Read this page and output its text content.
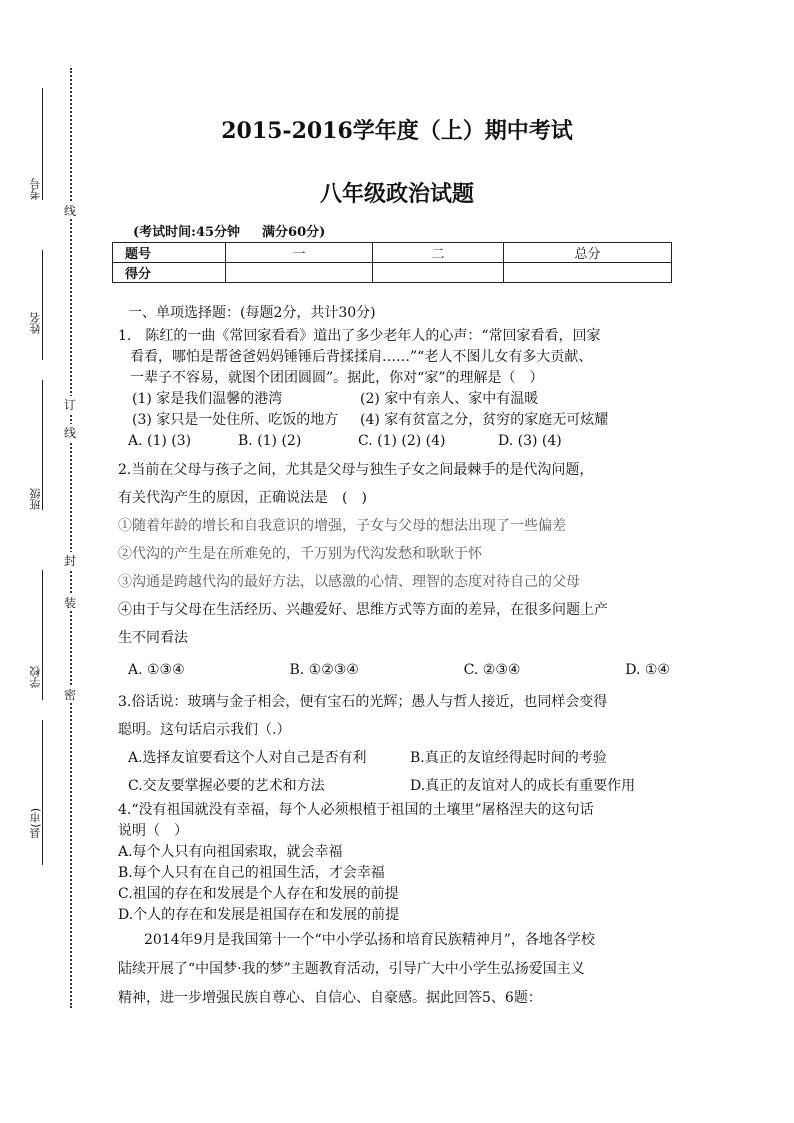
考号
姓名
班级
学校
县(市)
线
订
线
封
装
密
2015-2016学年度（上）期中考试
八年级政治试题
(考试时间:45分钟 满分60分)
题号	一	二	总分
得分			
一、单项选择题：(每题2分，共计30分)
1.　陈红的一曲《常回家看看》道出了多少老年人的心声：“常回家看看，回家
看看，哪怕是帮爸爸妈妈锤锤后背揉揉肩……”“老人不图儿女有多大贡献、
一辈子不容易，就图个团团圆圆”。据此，你对“家”的理解是（　）
(1) 家是我们温馨的港湾	(2) 家中有亲人、家中有温暖
(3) 家只是一处住所、吃饭的地方	(4) 家有贫富之分，贫穷的家庭无可炫耀
A. (1) (3)	B. (1) (2)	C. (1) (2) (4)	D. (3) (4)
2.当前在父母与孩子之间，尤其是父母与独生子女之间最棘手的是代沟问题，
有关代沟产生的原因，正确说法是　(　)
①随着年龄的增长和自我意识的增强，子女与父母的想法出现了一些偏差
②代沟的产生是在所难免的，千万别为代沟发愁和耿耿于怀
③沟通是跨越代沟的最好方法，以感激的心情、理智的态度对待自己的父母
④由于与父母在生活经历、兴趣爱好、思维方式等方面的差异，在很多问题上产
生不同看法
A. ①③④	B. ①②③④	C. ②③④	D. ①④
3.俗话说：玻璃与金子相会，便有宝石的光辉；愚人与哲人接近，也同样会变得
聪明。这句话启示我们（.）
A.选择友谊要看这个人对自己是否有利	B.真正的友谊经得起时间的考验
C.交友要掌握必要的艺术和方法	D.真正的友谊对人的成长有重要作用
4.“没有祖国就没有幸福，每个人必须根植于祖国的土壤里”屠格涅夫的这句话
说明（　）
A.每个人只有向祖国索取，就会幸福
B.每个人只有在自己的祖国生活，才会幸福
C.祖国的存在和发展是个人存在和发展的前提
D.个人的存在和发展是祖国存在和发展的前提
2014年9月是我国第十一个“中小学弘扬和培育民族精神月”，各地各学校
陆续开展了“中国梦·我的梦”主题教育活动，引导广大中小学生弘扬爱国主义
精神，进一步增强民族自尊心、自信心、自豪感。据此回答5、6题：
